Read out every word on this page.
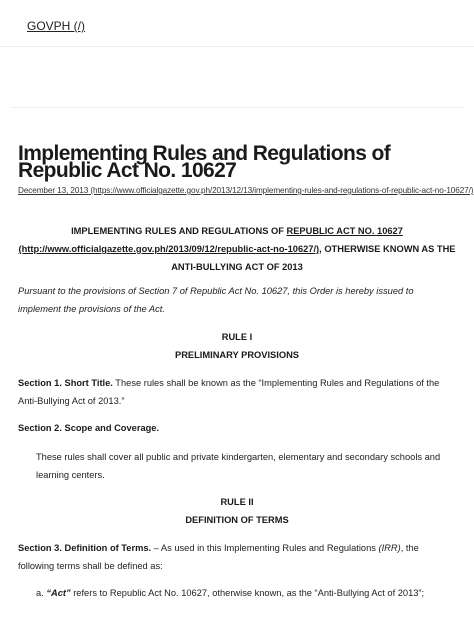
GOVPH (/)
Implementing Rules and Regulations of Republic Act No. 10627
December 13, 2013 (https://www.officialgazette.gov.ph/2013/12/13/implementing-rules-and-regulations-of-republic-act-no-10627/)
IMPLEMENTING RULES AND REGULATIONS OF REPUBLIC ACT NO. 10627
(http://www.officialgazette.gov.ph/2013/09/12/republic-act-no-10627/), OTHERWISE KNOWN AS THE
ANTI-BULLYING ACT OF 2013
Pursuant to the provisions of Section 7 of Republic Act No. 10627, this Order is hereby issued to implement the provisions of the Act.
RULE I
PRELIMINARY PROVISIONS
Section 1. Short Title. These rules shall be known as the “Implementing Rules and Regulations of the Anti-Bullying Act of 2013.”
Section 2. Scope and Coverage.
These rules shall cover all public and private kindergarten, elementary and secondary schools and learning centers.
RULE II
DEFINITION OF TERMS
Section 3. Definition of Terms. – As used in this Implementing Rules and Regulations (IRR), the following terms shall be defined as:
a. “Act” refers to Republic Act No. 10627, otherwise known, as the “Anti-Bullying Act of 2013”;
